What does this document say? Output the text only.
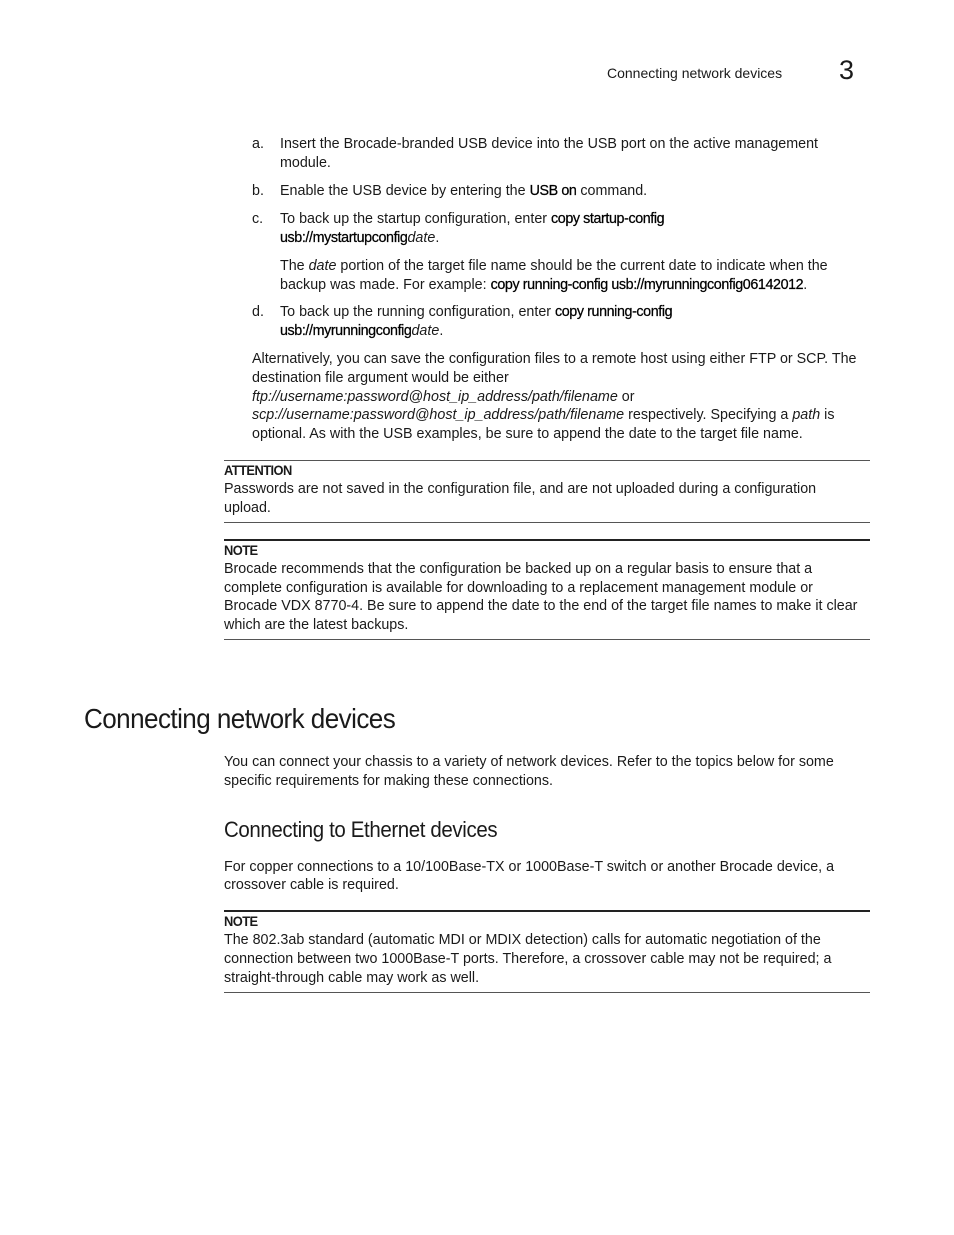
Connecting network devices 3
a.	Insert the Brocade-branded USB device into the USB port on the active management module.
b.	Enable the USB device by entering the USB on command.
c.	To back up the startup configuration, enter copy startup-config
usb://mystartupconfigdate.
The date portion of the target file name should be the current date to indicate when the
backup was made. For example: copy running-config usb://myrunningconfig06142012.
d.	To back up the running configuration, enter copy running-config
usb://myrunningconfigdate.
Alternatively, you can save the configuration files to a remote host using either FTP or SCP. The
destination file argument would be either
ftp://username:password@host_ip_address/path/filename or
scp://username:password@host_ip_address/path/filename respectively. Specifying a path is
optional. As with the USB examples, be sure to append the date to the target file name.
ATTENTION
Passwords are not saved in the configuration file, and are not uploaded during a configuration
upload.
NOTE
Brocade recommends that the configuration be backed up on a regular basis to ensure that a
complete configuration is available for downloading to a replacement management module or
Brocade VDX 8770-4. Be sure to append the date to the end of the target file names to make it clear
which are the latest backups.
Connecting network devices
You can connect your chassis to a variety of network devices. Refer to the topics below for some
specific requirements for making these connections.
Connecting to Ethernet devices
For copper connections to a 10/100Base-TX or 1000Base-T switch or another Brocade device, a
crossover cable is required.
NOTE
The 802.3ab standard (automatic MDI or MDIX detection) calls for automatic negotiation of the
connection between two 1000Base-T ports. Therefore, a crossover cable may not be required; a
straight-through cable may work as well.
